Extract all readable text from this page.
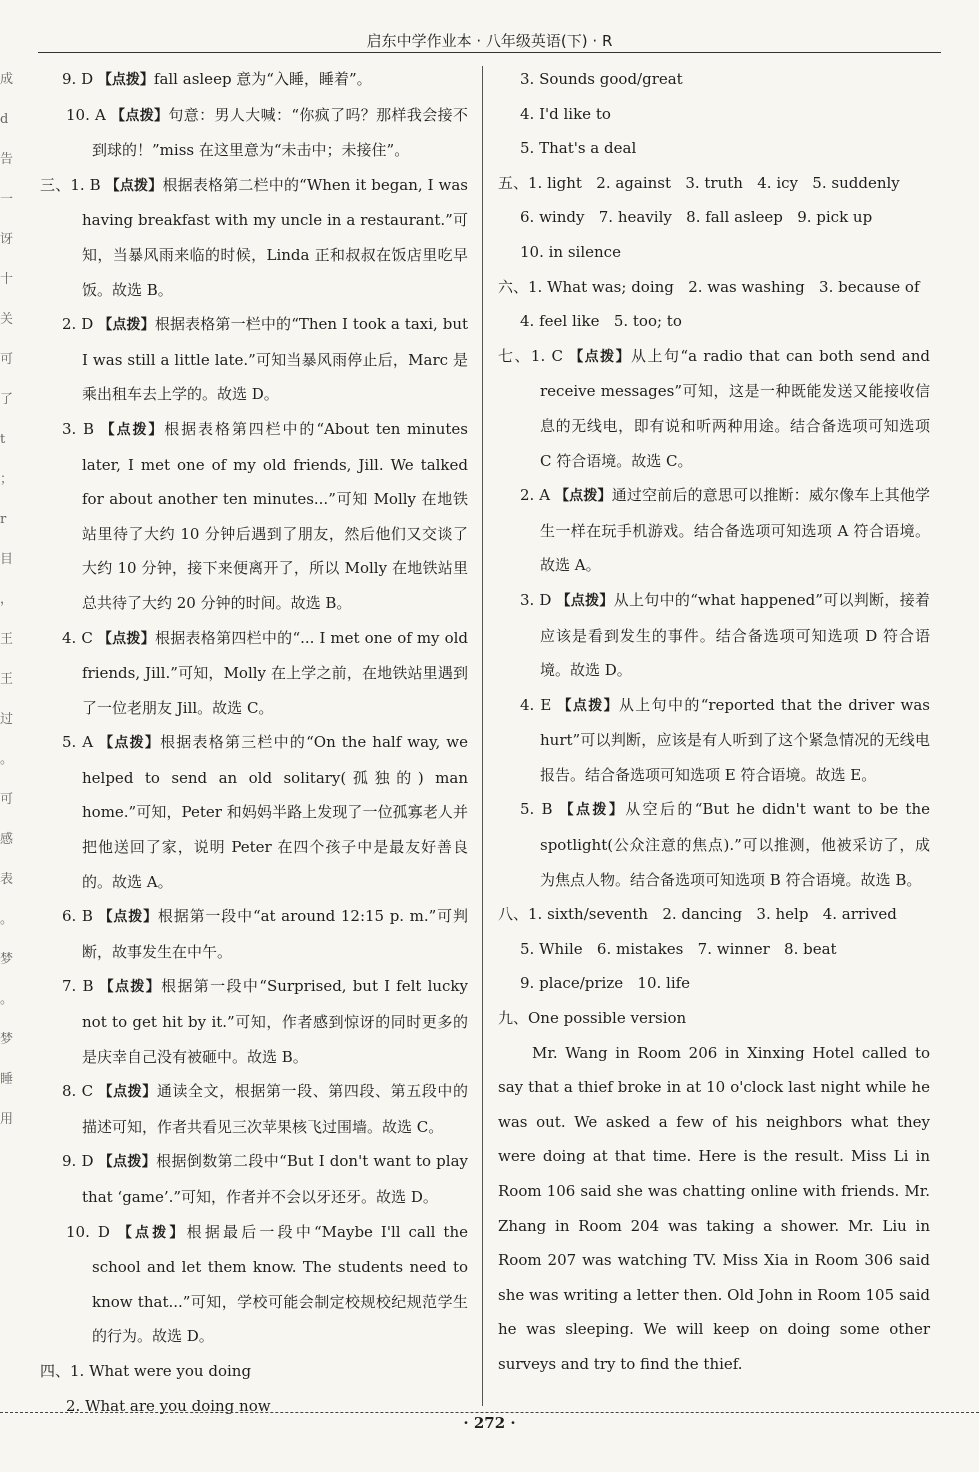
启东中学作业本 · 八年级英语(下) · R
成
d
告
一
讶
十
关
可
了
t
；
r
目
，
王
王
过
。
可
感
表
。
梦
。
梦
睡
用
9. D 【点拨】fall asleep 意为“入睡，睡着”。
10. A 【点拨】句意：男人大喊：“你疯了吗？那样我会接不到球的！”miss 在这里意为“未击中；未接住”。
三、1. B 【点拨】根据表格第二栏中的“When it began, I was having breakfast with my uncle in a restaurant.”可知，当暴风雨来临的时候，Linda 正和叔叔在饭店里吃早饭。故选 B。
2. D 【点拨】根据表格第一栏中的“Then I took a taxi, but I was still a little late.”可知当暴风雨停止后，Marc 是乘出租车去上学的。故选 D。
3. B 【点拨】根据表格第四栏中的“About ten minutes later, I met one of my old friends, Jill. We talked for about another ten minutes...”可知 Molly 在地铁站里待了大约 10 分钟后遇到了朋友，然后他们又交谈了大约 10 分钟，接下来便离开了，所以 Molly 在地铁站里总共待了大约 20 分钟的时间。故选 B。
4. C 【点拨】根据表格第四栏中的“... I met one of my old friends, Jill.”可知，Molly 在上学之前，在地铁站里遇到了一位老朋友 Jill。故选 C。
5. A 【点拨】根据表格第三栏中的“On the half way, we helped to send an old solitary(孤独的) man home.”可知，Peter 和妈妈半路上发现了一位孤寡老人并把他送回了家，说明 Peter 在四个孩子中是最友好善良的。故选 A。
6. B 【点拨】根据第一段中“at around 12:15 p. m.”可判断，故事发生在中午。
7. B 【点拨】根据第一段中“Surprised, but I felt lucky not to get hit by it.”可知，作者感到惊讶的同时更多的是庆幸自己没有被砸中。故选 B。
8. C 【点拨】通读全文，根据第一段、第四段、第五段中的描述可知，作者共看见三次苹果核飞过围墙。故选 C。
9. D 【点拨】根据倒数第二段中“But I don't want to play that ‘game’.”可知，作者并不会以牙还牙。故选 D。
10. D 【点拨】根据最后一段中“Maybe I'll call the school and let them know. The students need to know that...”可知，学校可能会制定校规校纪规范学生的行为。故选 D。
四、1. What were you doing
2. What are you doing now
3. Sounds good/great
4. I'd like to
5. That's a deal
五、1. light   2. against   3. truth   4. icy   5. suddenly
6. windy   7. heavily   8. fall asleep   9. pick up
10. in silence
六、1. What was; doing   2. was washing   3. because of
4. feel like   5. too; to
七、1. C 【点拨】从上句“a radio that can both send and receive messages”可知，这是一种既能发送又能接收信息的无线电，即有说和听两种用途。结合备选项可知选项 C 符合语境。故选 C。
2. A 【点拨】通过空前后的意思可以推断：威尔像车上其他学生一样在玩手机游戏。结合备选项可知选项 A 符合语境。故选 A。
3. D 【点拨】从上句中的“what happened”可以判断，接着应该是看到发生的事件。结合备选项可知选项 D 符合语境。故选 D。
4. E 【点拨】从上句中的“reported that the driver was hurt”可以判断，应该是有人听到了这个紧急情况的无线电报告。结合备选项可知选项 E 符合语境。故选 E。
5. B 【点拨】从空后的“But he didn't want to be the spotlight(公众注意的焦点).”可以推测，他被采访了，成为焦点人物。结合备选项可知选项 B 符合语境。故选 B。
八、1. sixth/seventh   2. dancing   3. help   4. arrived
5. While   6. mistakes   7. winner   8. beat
9. place/prize   10. life
九、One possible version
Mr. Wang in Room 206 in Xinxing Hotel called to say that a thief broke in at 10 o'clock last night while he was out. We asked a few of his neighbors what they were doing at that time. Here is the result. Miss Li in Room 106 said she was chatting online with friends. Mr. Zhang in Room 204 was taking a shower. Mr. Liu in Room 207 was watching TV. Miss Xia in Room 306 said she was writing a letter then. Old John in Room 105 said he was sleeping. We will keep on doing some other surveys and try to find the thief.
· 272 ·
